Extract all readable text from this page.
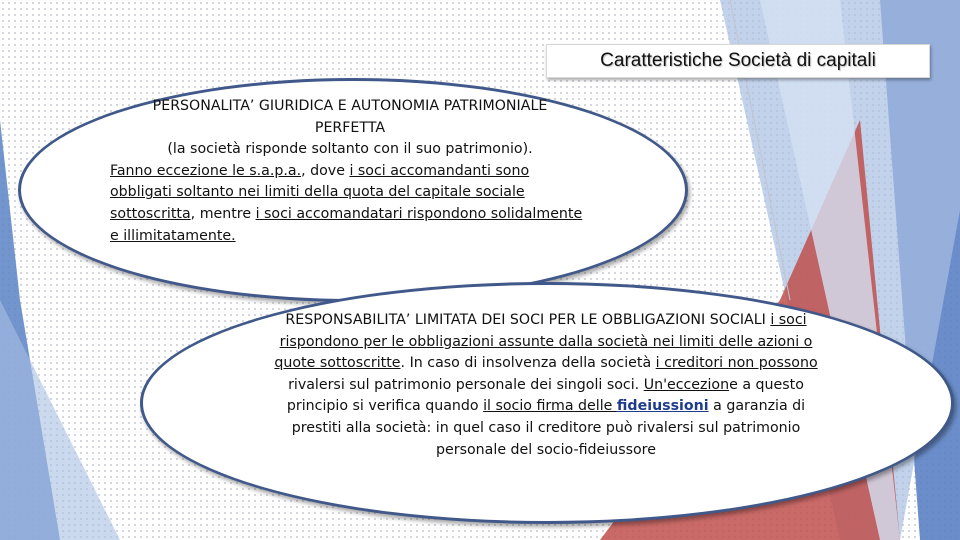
Caratteristiche Società di capitali
PERSONALITA’ GIURIDICA E AUTONOMIA PATRIMONIALE
PERFETTA
(la società risponde soltanto con il suo patrimonio).
Fanno eccezione le s.a.p.a., dove i soci accomandanti sono obbligati soltanto nei limiti della quota del capitale sociale sottoscritta, mentre i soci accomandatari rispondono solidalmente e illimitatamente.
RESPONSABILITA’ LIMITATA DEI SOCI PER LE OBBLIGAZIONI SOCIALI i soci rispondono per le obbligazioni assunte dalla società nei limiti delle azioni o quote sottoscritte. In caso di insolvenza della società i creditori non possono rivalersi sul patrimonio personale dei singoli soci. Un'eccezione a questo principio si verifica quando il socio firma delle fideiussioni a garanzia di prestiti alla società: in quel caso il creditore può rivalersi sul patrimonio personale del socio-fideiussore
